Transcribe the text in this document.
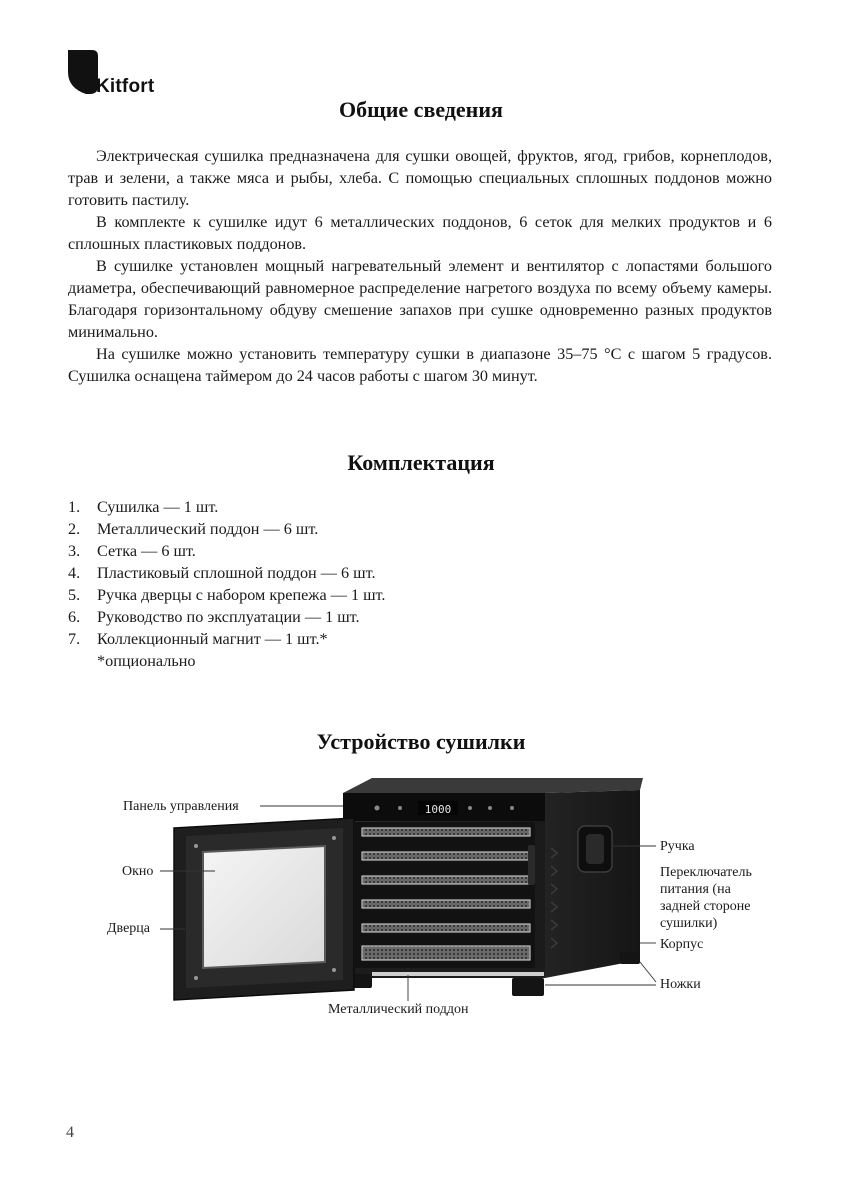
Kitfort
Общие сведения

Электрическая сушилка предназначена для сушки овощей, фруктов, ягод, грибов, корнеплодов, трав и зелени, а также мяса и рыбы, хлеба. С помощью специальных сплошных поддонов можно готовить пастилу.

В комплекте к сушилке идут 6 металлических поддонов, 6 сеток для мелких продуктов и 6 сплошных пластиковых поддонов.

В сушилке установлен мощный нагревательный элемент и вентилятор с лопастями большого диаметра, обеспечивающий равномерное распределение нагретого воздуха по всему объему камеры. Благодаря горизонтальному обдуву смешение запахов при сушке одновременно разных продуктов минимально.

На сушилке можно установить температуру сушки в диапазоне 35–75 °С с шагом 5 градусов. Сушилка оснащена таймером до 24 часов работы с шагом 30 минут.

Комплектация
1. Сушилка — 1 шт.
2. Металлический поддон — 6 шт.
3. Сетка — 6 шт.
4. Пластиковый сплошной поддон — 6 шт.
5. Ручка дверцы с набором крепежа — 1 шт.
6. Руководство по эксплуатации — 1 шт.
7. Коллекционный магнит — 1 шт.*
*опционально
Устройство сушилки
1000
Панель управления
Окно
Дверца
Ручка
Переключатель
питания (на
задней стороне
сушилки)
Корпус
Ножки
Металлический поддон
4
